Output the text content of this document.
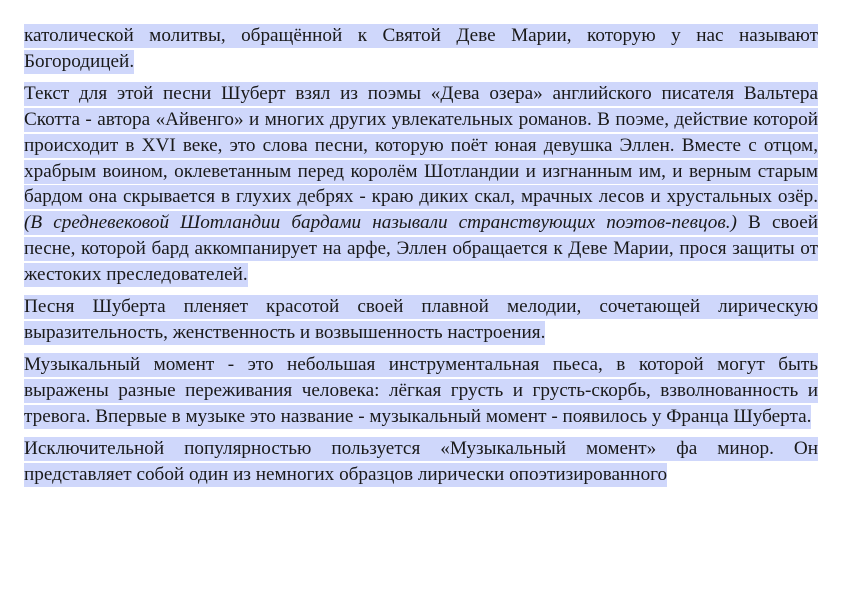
католической молитвы, обращённой к Святой Деве Марии, которую у нас называют Богородицей.

Текст для этой песни Шуберт взял из поэмы «Дева озера» английского писателя Вальтера Скотта - автора «Айвенго» и многих других увлекательных романов. В поэме, действие которой происходит в XVI веке, это слова песни, которую поёт юная девушка Эллен. Вместе с отцом, храбрым воином, оклеветанным перед королём Шотландии и изгнанным им, и верным старым бардом она скрывается в глухих дебрях - краю диких скал, мрачных лесов и хрустальных озёр. (В средневековой Шотландии бардами называли странствующих поэтов-певцов.) В своей песне, которой бард аккомпанирует на арфе, Эллен обращается к Деве Марии, прося защиты от жестоких преследователей.

Песня Шуберта пленяет красотой своей плавной мелодии, сочетающей лирическую выразительность, женственность и возвышенность настроения.

Музыкальный момент - это небольшая инструментальная пьеса, в которой могут быть выражены разные переживания человека: лёгкая грусть и грусть-скорбь, взволнованность и тревога. Впервые в музыке это название - музыкальный момент - появилось у Франца Шуберта.

Исключительной популярностью пользуется «Музыкальный момент» фа минор. Он представляет собой один из немногих образцов лирически опоэтизированного
